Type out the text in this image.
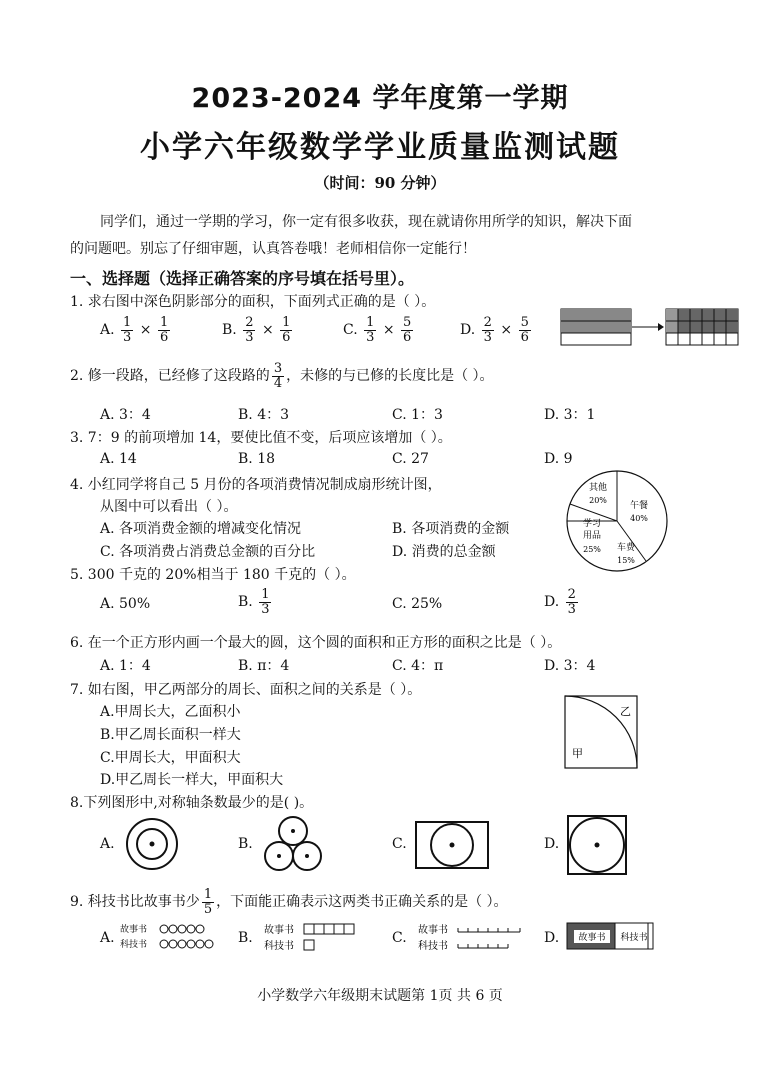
2023-2024 学年度第一学期
小学六年级数学学业质量监测试题
（时间：90 分钟）
同学们，通过一学期的学习，你一定有很多收获，现在就请你用所学的知识，解决下面
的问题吧。别忘了仔细审题，认真答卷哦！老师相信你一定能行！
一、选择题（选择正确答案的序号填在括号里）。
1. 求右图中深色阴影部分的面积，下面列式正确的是（ ）。
A. $\frac{1}{3} \times \frac{1}{6}$	B. $\frac{2}{3} \times \frac{1}{6}$	C. $\frac{1}{3} \times \frac{5}{6}$	D. $\frac{2}{3} \times \frac{5}{6}$
2. 修一段路，已经修了这段路的 $\frac{3}{4}$ ，未修的与已修的长度比是（ ）。
A. 3：4	B. 4：3	C. 1：3	D. 3：1
3. 7：9 的前项增加 14，要使比值不变，后项应该增加（ ）。
A. 14	B. 18	C. 27	D. 9
4. 小红同学将自己 5 月份的各项消费情况制成扇形统计图，
从图中可以看出（ ）。
A. 各项消费金额的增减变化情况	B. 各项消费的金额
C. 各项消费占消费总金额的百分比	D. 消费的总金额
其他
20%
午餐
40%
学习
用品
25% 车费
15%
5. 300 千克的 20%相当于 180 千克的（ ）。
A. 50%	B. $\frac{1}{3}$	C. 25%	D. $\frac{2}{3}$
6. 在一个正方形内画一个最大的圆，这个圆的面积和正方形的面积之比是（ ）。
A. 1：4	B. π：4	C. 4：π	D. 3：4
7. 如右图，甲乙两部分的周长、面积之间的关系是（ ）。
A.甲周长大，乙面积小
B.甲乙周长面积一样大
C.甲周长大，甲面积大
D.甲乙周长一样大，甲面积大
乙
甲
8.下列图形中,对称轴条数最少的是( )。
A.	B.	C.	D.
9. 科技书比故事书少 $\frac{1}{5}$ ，下面能正确表示这两类书正确关系的是（ ）。
A. 故事书
科技书	B. 故事书
科技书
C. 故事书
科技书
D. 故事书 科技书
小学数学六年级期末试题第 1页 共 6 页
